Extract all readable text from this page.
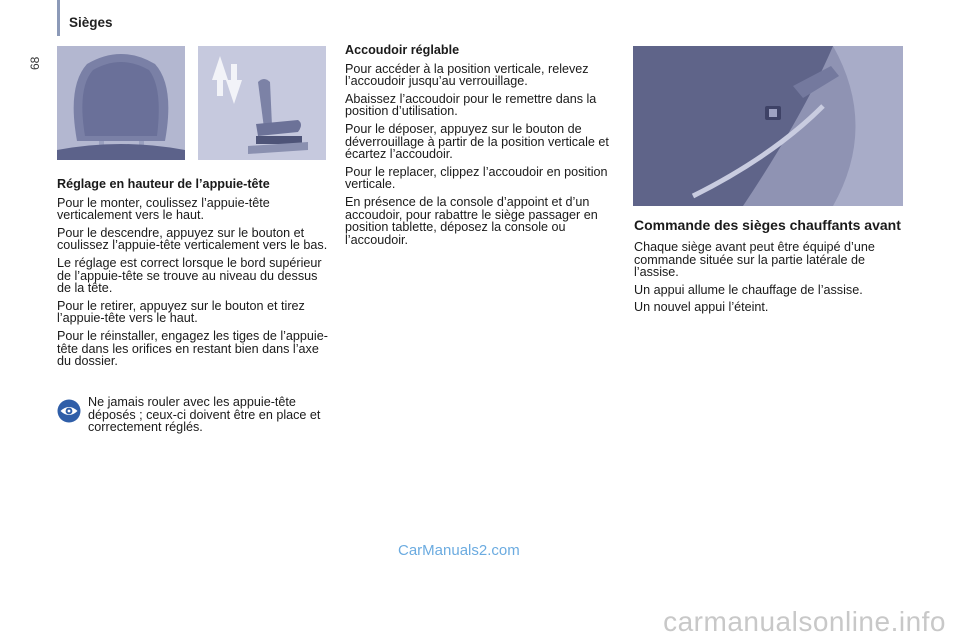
Sièges
68
Réglage en hauteur de l’appuie-tête

Pour le monter, coulissez l’appuie-tête verticalement vers le haut.

Pour le descendre, appuyez sur le bouton et coulissez l’appuie-tête verticalement vers le bas.

Le réglage est correct lorsque le bord supérieur de l’appuie-tête se trouve au niveau du dessus de la tête.

Pour le retirer, appuyez sur le bouton et tirez l’appuie-tête vers le haut.

Pour le réinstaller, engagez les tiges de l’appuie-tête dans les orifices en restant bien dans l’axe du dossier.

Ne jamais rouler avec les appuie-tête déposés ; ceux-ci doivent être en place et correctement réglés.
Accoudoir réglable

Pour accéder à la position verticale, relevez l’accoudoir jusqu’au verrouillage.

Abaissez l’accoudoir pour le remettre dans la position d’utilisation.

Pour le déposer, appuyez sur le bouton de déverrouillage à partir de la position verticale et écartez l’accoudoir.

Pour le replacer, clippez l’accoudoir en position verticale.

En présence de la console d’appoint et d’un accoudoir, pour rabattre le siège passager en position tablette, déposez la console ou l’accoudoir.

Commande des sièges chauffants avant

Chaque siège avant peut être équipé d’une commande située sur la partie latérale de l’assise.

Un appui allume le chauffage de l’assise.

Un nouvel appui l’éteint.

CarManuals2.com
carmanualsonline.info
